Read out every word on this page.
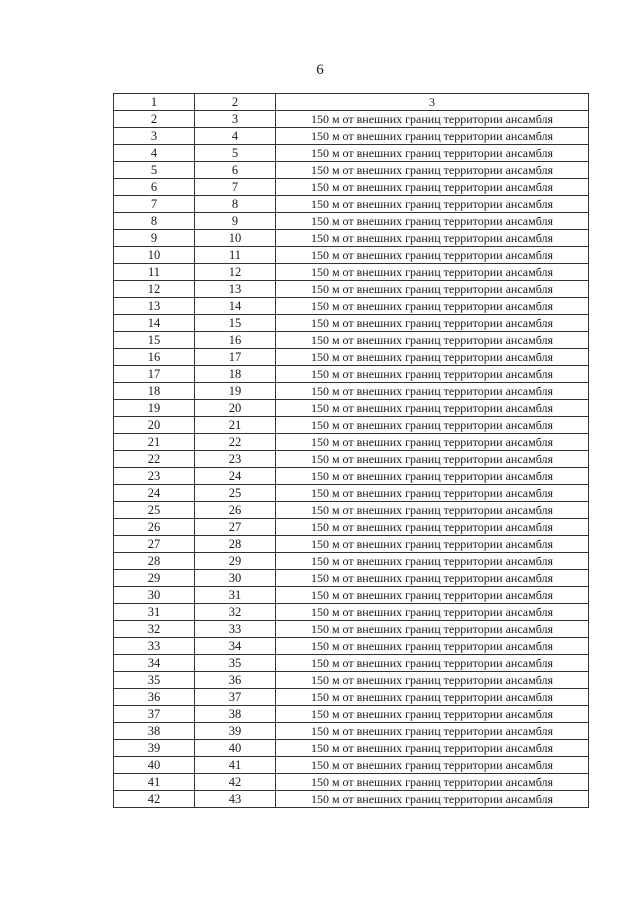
6
1	2	3
2	3	150 м от внешних границ территории ансамбля
3	4	150 м от внешних границ территории ансамбля
4	5	150 м от внешних границ территории ансамбля
5	6	150 м от внешних границ территории ансамбля
6	7	150 м от внешних границ территории ансамбля
7	8	150 м от внешних границ территории ансамбля
8	9	150 м от внешних границ территории ансамбля
9	10	150 м от внешних границ территории ансамбля
10	11	150 м от внешних границ территории ансамбля
11	12	150 м от внешних границ территории ансамбля
12	13	150 м от внешних границ территории ансамбля
13	14	150 м от внешних границ территории ансамбля
14	15	150 м от внешних границ территории ансамбля
15	16	150 м от внешних границ территории ансамбля
16	17	150 м от внешних границ территории ансамбля
17	18	150 м от внешних границ территории ансамбля
18	19	150 м от внешних границ территории ансамбля
19	20	150 м от внешних границ территории ансамбля
20	21	150 м от внешних границ территории ансамбля
21	22	150 м от внешних границ территории ансамбля
22	23	150 м от внешних границ территории ансамбля
23	24	150 м от внешних границ территории ансамбля
24	25	150 м от внешних границ территории ансамбля
25	26	150 м от внешних границ территории ансамбля
26	27	150 м от внешних границ территории ансамбля
27	28	150 м от внешних границ территории ансамбля
28	29	150 м от внешних границ территории ансамбля
29	30	150 м от внешних границ территории ансамбля
30	31	150 м от внешних границ территории ансамбля
31	32	150 м от внешних границ территории ансамбля
32	33	150 м от внешних границ территории ансамбля
33	34	150 м от внешних границ территории ансамбля
34	35	150 м от внешних границ территории ансамбля
35	36	150 м от внешних границ территории ансамбля
36	37	150 м от внешних границ территории ансамбля
37	38	150 м от внешних границ территории ансамбля
38	39	150 м от внешних границ территории ансамбля
39	40	150 м от внешних границ территории ансамбля
40	41	150 м от внешних границ территории ансамбля
41	42	150 м от внешних границ территории ансамбля
42	43	150 м от внешних границ территории ансамбля
